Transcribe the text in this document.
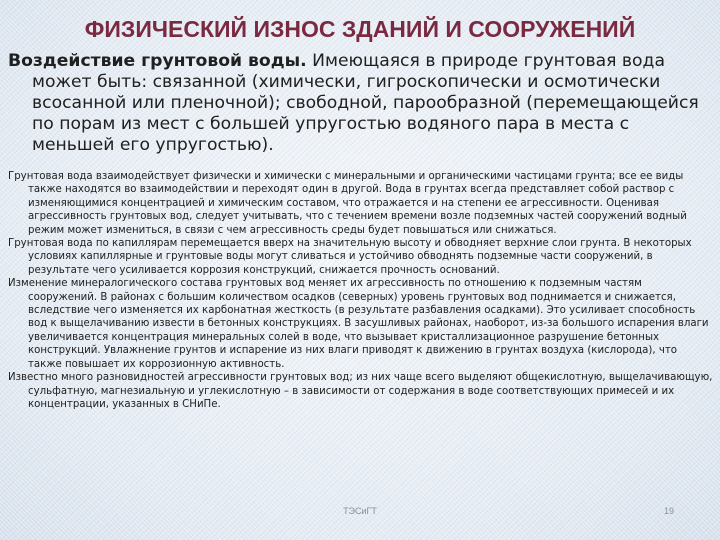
ФИЗИЧЕСКИЙ ИЗНОС ЗДАНИЙ И СООРУЖЕНИЙ

Воздействие грунтовой воды. Имеющаяся в природе грунтовая вода может быть: связанной (химически, гигроскопически и осмотически всосанной или пленочной); свободной, парообразной (перемещающейся по порам из мест с большей упругостью водяного пара в места с меньшей его упругостью).

Грунтовая вода взаимодействует физически и химически с минеральными и органическими частицами грунта; все ее виды также находятся во взаимодействии и переходят один в другой. Вода в грунтах всегда представляет собой раствор с изменяющимися концентрацией и химическим составом, что отражается и на степени ее агрессивности. Оценивая агрессивность грунтовых вод, следует учитывать, что с течением времени возле подземных частей сооружений водный режим может измениться, в связи с чем агрессивность среды будет повышаться или снижаться.

Грунтовая вода по капиллярам перемещается вверх на значительную высоту и обводняет верхние слои грунта. В некоторых условиях капиллярные и грунтовые воды могут сливаться и устойчиво обводнять подземные части сооружений, в результате чего усиливается коррозия конструкций, снижается прочность оснований.

Изменение минералогического состава грунтовых вод меняет их агрессивность по отношению к подземным частям сооружений. В районах с большим количеством осадков (северных) уровень грунтовых вод поднимается и снижается, вследствие чего изменяется их карбонатная жесткость (в результате разбавления осадками). Это усиливает способность вод к выщелачиванию извести в бетонных конструкциях. В засушливых районах, наоборот, из-за большого испарения влаги увеличивается концентрация минеральных солей в воде, что вызывает кристаллизационное разрушение бетонных конструкций. Увлажнение грунтов и испарение из них влаги приводят к движению в грунтах воздуха (кислорода), что также повышает их коррозионную активность.

Известно много разновидностей агрессивности грунтовых вод; из них чаще всего выделяют общекислотную, выщелачивающую, сульфатную, магнезиальную и углекислотную – в зависимости от содержания в воде соответствующих примесей и их концентрации, указанных в СНиПе.

ТЭСиГТ	19
